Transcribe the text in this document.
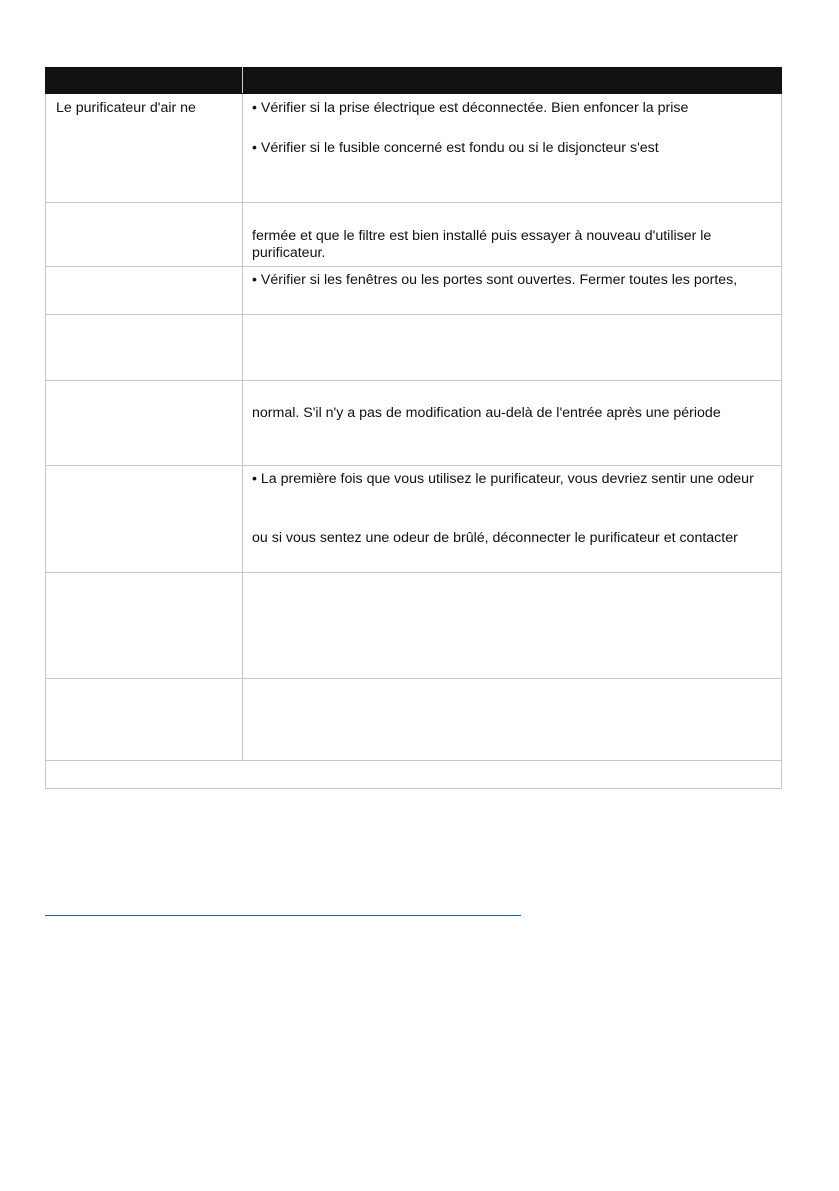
Le purificateur d'air ne	• Vérifier si la prise électrique est déconnectée. Bien enfoncer la prise
• Vérifier si le fusible concerné est fondu ou si le disjoncteur s'est

	fermée et que le filtre est bien installé puis essayer à nouveau d'utiliser le
purificateur.

	• Vérifier si les fenêtres ou les portes sont ouvertes. Fermer toutes les portes,

	normal. S'il n'y a pas de modification au-delà de l'entrée après une période

	• La première fois que vous utilisez le purificateur, vous devriez sentir une odeur
ou si vous sentez une odeur de brûlé, déconnecter le purificateur et contacter
